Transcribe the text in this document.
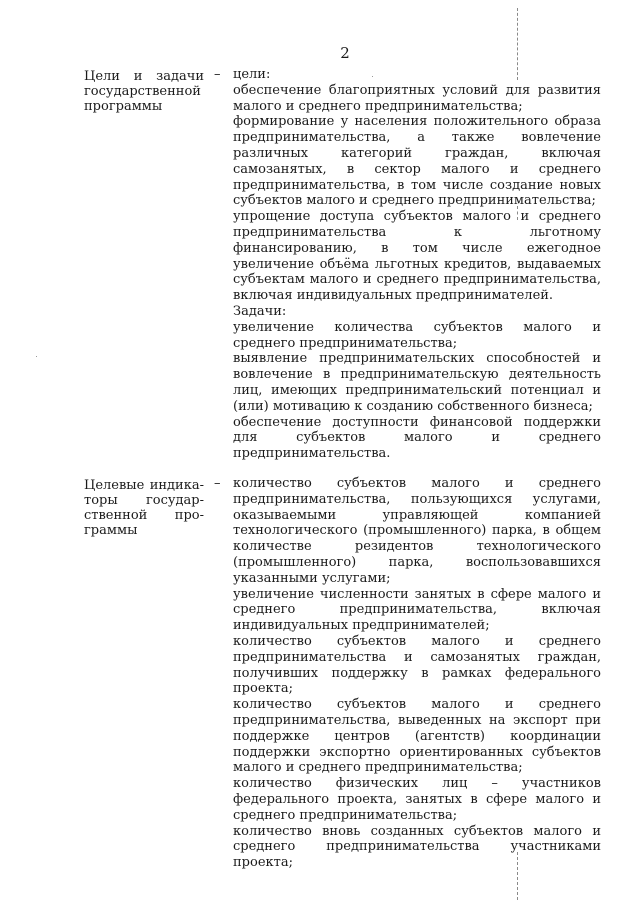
2
Цели и задачи
государственной
программы
– цели:

обеспечение благоприятных условий для развития малого и среднего предпринимательства;

формирование у населения положительного образа предпринимательства, а также вовлечение различных категорий граждан, включая самозанятых, в сектор малого и среднего предпринимательства, в том числе создание новых субъектов малого и среднего предпринимательства;

упрощение доступа субъектов малого и среднего предпринимательства к льготному финансированию, в том числе ежегодное увеличение объёма льготных кредитов, выдаваемых субъектам малого и среднего предпринимательства, включая индивидуальных предпринимателей.

Задачи:

увеличение количества субъектов малого и среднего предпринимательства;

выявление предпринимательских способностей и вовлечение в предпринимательскую деятельность лиц, имеющих предпринимательский потенциал и (или) мотивацию к созданию собственного бизнеса;

обеспечение доступности финансовой поддержки для субъектов малого и среднего предпринимательства.

Целевые индика-
торы государ-
ственной про-
граммы
– количество субъектов малого и среднего предпринимательства, пользующихся услугами, оказываемыми управляющей компанией технологического (промышленного) парка, в общем количестве резидентов технологического (промышленного) парка, воспользовавшихся указанными услугами;

увеличение численности занятых в сфере малого и среднего предпринимательства, включая индивидуальных предпринимателей;

количество субъектов малого и среднего предпринимательства и самозанятых граждан, получивших поддержку в рамках федерального проекта;

количество субъектов малого и среднего предпринимательства, выведенных на экспорт при поддержке центров (агентств) координации поддержки экспортно ориентированных субъектов малого и среднего предпринимательства;

количество физических лиц – участников федерального проекта, занятых в сфере малого и среднего предпринимательства;

количество вновь созданных субъектов малого и среднего предпринимательства участниками проекта;
